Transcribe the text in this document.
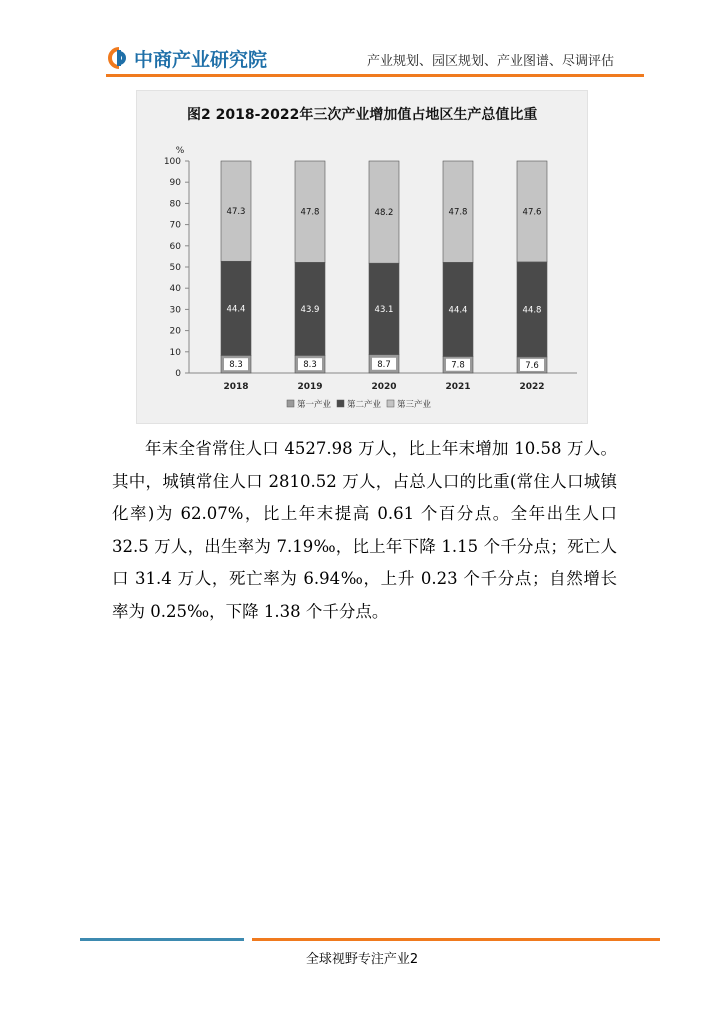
中商产业研究院	产业规划、园区规划、产业图谱、尽调评估
图2 2018-2022年三次产业增加值占地区生产总值比重
%
0
10
20
30
40
50
60
70
80
90
100
8.3
44.4
47.3
2018
8.3
43.9
47.8
2019
8.7
43.1
48.2
2020
7.8
44.4
47.8
2021
7.6
44.8
47.6
2022
第一产业 第二产业 第三产业

年末全省常住人口 4527.98 万人，比上年末增加 10.58 万人。其中，城镇常住人口 2810.52 万人，占总人口的比重(常住人口城镇化率)为 62.07%，比上年末提高 0.61 个百分点。全年出生人口 32.5 万人，出生率为 7.19‰，比上年下降 1.15 个千分点；死亡人口 31.4 万人，死亡率为 6.94‰，上升 0.23 个千分点；自然增长率为 0.25‰，下降 1.38 个千分点。

全球视野专注产业2
